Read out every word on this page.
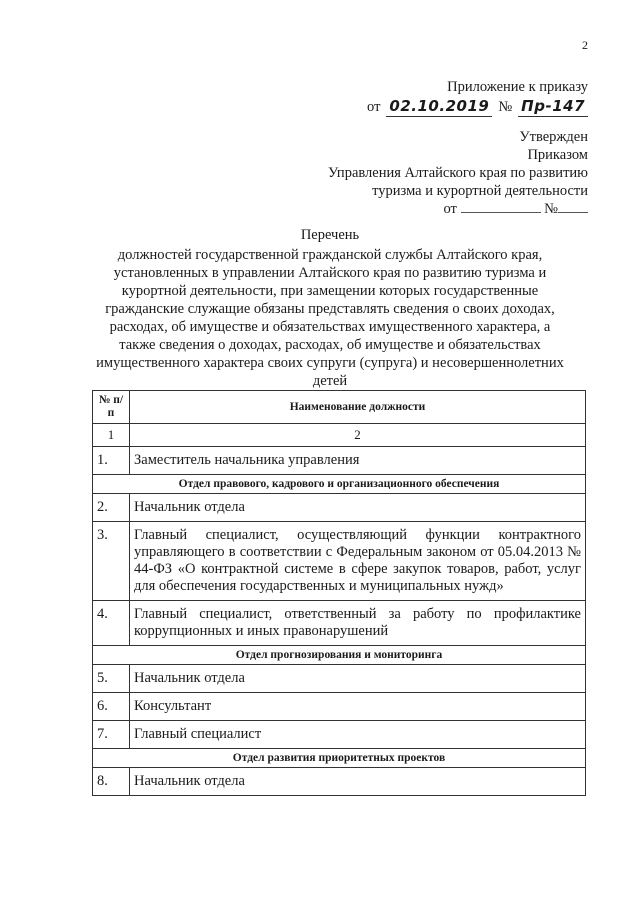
2
Приложение к приказу
от 02.10.2019 № Пр-147
Утвержден
Приказом
Управления Алтайского края по развитию
туризма и курортной деятельности
от	№
Перечень
должностей государственной гражданской службы Алтайского края, установленных в управлении Алтайского края по развитию туризма и курортной деятельности, при замещении которых государственные гражданские служащие обязаны представлять сведения о своих доходах, расходах, об имуществе и обязательствах имущественного характера, а также сведения о доходах, расходах, об имуществе и обязательствах имущественного характера своих супруги (супруга) и несовершеннолетних детей
№ п/п	Наименование должности
1	2
1.	Заместитель начальника управления
Отдел правового, кадрового и организационного обеспечения	
2.	Начальник отдела
3.	Главный специалист, осуществляющий функции контрактного управляющего в соответствии с Федеральным законом от 05.04.2013 № 44-ФЗ «О контрактной системе в сфере закупок товаров, работ, услуг для обеспечения государственных и муниципальных нужд»
4.	Главный специалист, ответственный за работу по профилактике коррупционных и иных правонарушений
Отдел прогнозирования и мониторинга	
5.	Начальник отдела
6.	Консультант
7.	Главный специалист
Отдел развития приоритетных проектов	
8.	Начальник отдела
